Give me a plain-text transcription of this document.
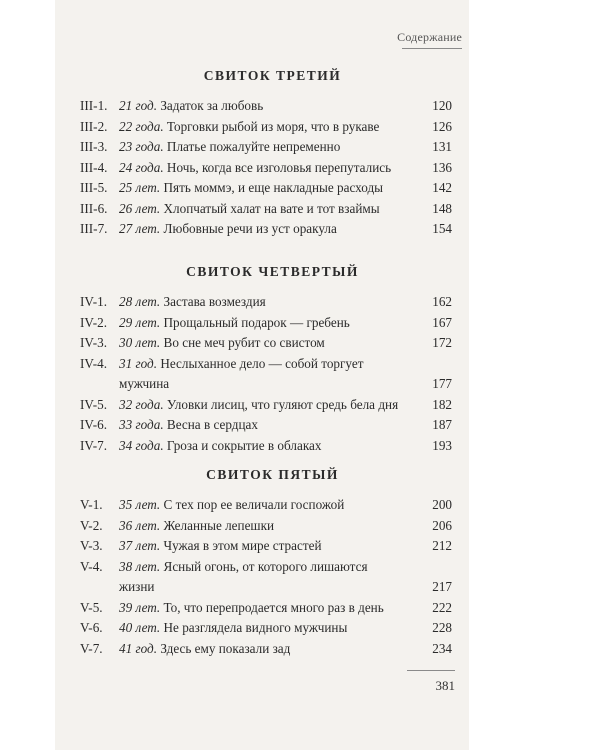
Содержание
СВИТОК ТРЕТИЙ
III-1. 21 год. Задаток за любовь	120
III-2. 22 года. Торговки рыбой из моря, что в рукаве	126
III-3. 23 года. Платье пожалуйте непременно	131
III-4. 24 года. Ночь, когда все изголовья перепутались	136
III-5. 25 лет. Пять моммэ, и еще накладные расходы	142
III-6. 26 лет. Хлопчатый халат на вате и тот взаймы	148
III-7. 27 лет. Любовные речи из уст оракула	154
СВИТОК ЧЕТВЕРТЫЙ
IV-1. 28 лет. Застава возмездия	162
IV-2. 29 лет. Прощальный подарок — гребень	167
IV-3. 30 лет. Во сне меч рубит со свистом	172
IV-4. 31 год. Неслыханное дело — собой торгует
мужчина	177
IV-5. 32 года. Уловки лисиц, что гуляют средь бела дня	182
IV-6. 33 года. Весна в сердцах	187
IV-7. 34 года. Гроза и сокрытие в облаках	193
СВИТОК ПЯТЫЙ
V-1.	35 лет. С тех пор ее величали госпожой	200
V-2.	36 лет. Желанные лепешки	206
V-3.	37 лет. Чужая в этом мире страстей	212
V-4.	38 лет. Ясный огонь, от которого лишаются
жизни	217
V-5.	39 лет. То, что перепродается много раз в день	222
V-6.	40 лет. Не разглядела видного мужчины	228
V-7.	41 год. Здесь ему показали зад	234
381
